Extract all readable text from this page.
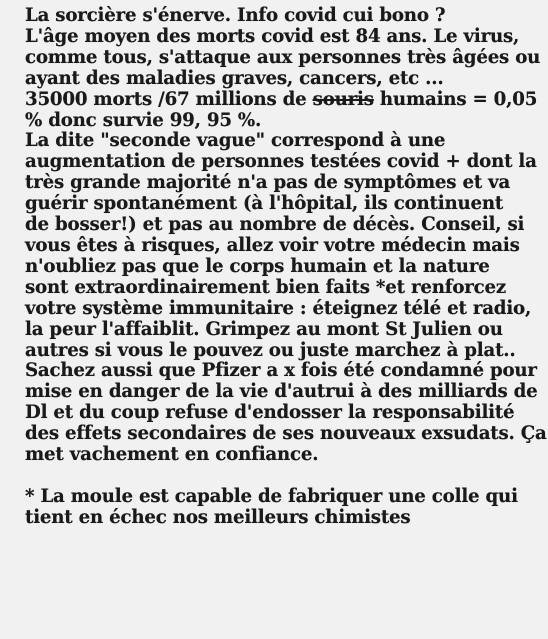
La sorcière s'énerve. Info covid cui bono ?
L'âge moyen des morts covid est 84 ans. Le virus,
comme tous, s'attaque aux personnes très âgées ou
ayant des maladies graves, cancers, etc ...
35000 morts /67 millions de souris humains = 0,05
% donc survie 99, 95 %.
La dite "seconde vague" correspond à une
augmentation de personnes testées covid + dont la
très grande majorité n'a pas de symptômes et va
guérir spontanément (à l'hôpital, ils continuent
de bosser!) et pas au nombre de décès. Conseil, si
vous êtes à risques, allez voir votre médecin mais
n'oubliez pas que le corps humain et la nature
sont extraordinairement bien faits *et renforcez
votre système immunitaire : éteignez télé et radio,
la peur l'affaiblit. Grimpez au mont St Julien ou
autres si vous le pouvez ou juste marchez à plat..
Sachez aussi que Pfizer a x fois été condamné pour
mise en danger de la vie d'autrui à des milliards de
Dl et du coup refuse d'endosser la responsabilité
des effets secondaires de ses nouveaux exsudats. Ça
met vachement en confiance.
* La moule est capable de fabriquer une colle qui
tient en échec nos meilleurs chimistes
